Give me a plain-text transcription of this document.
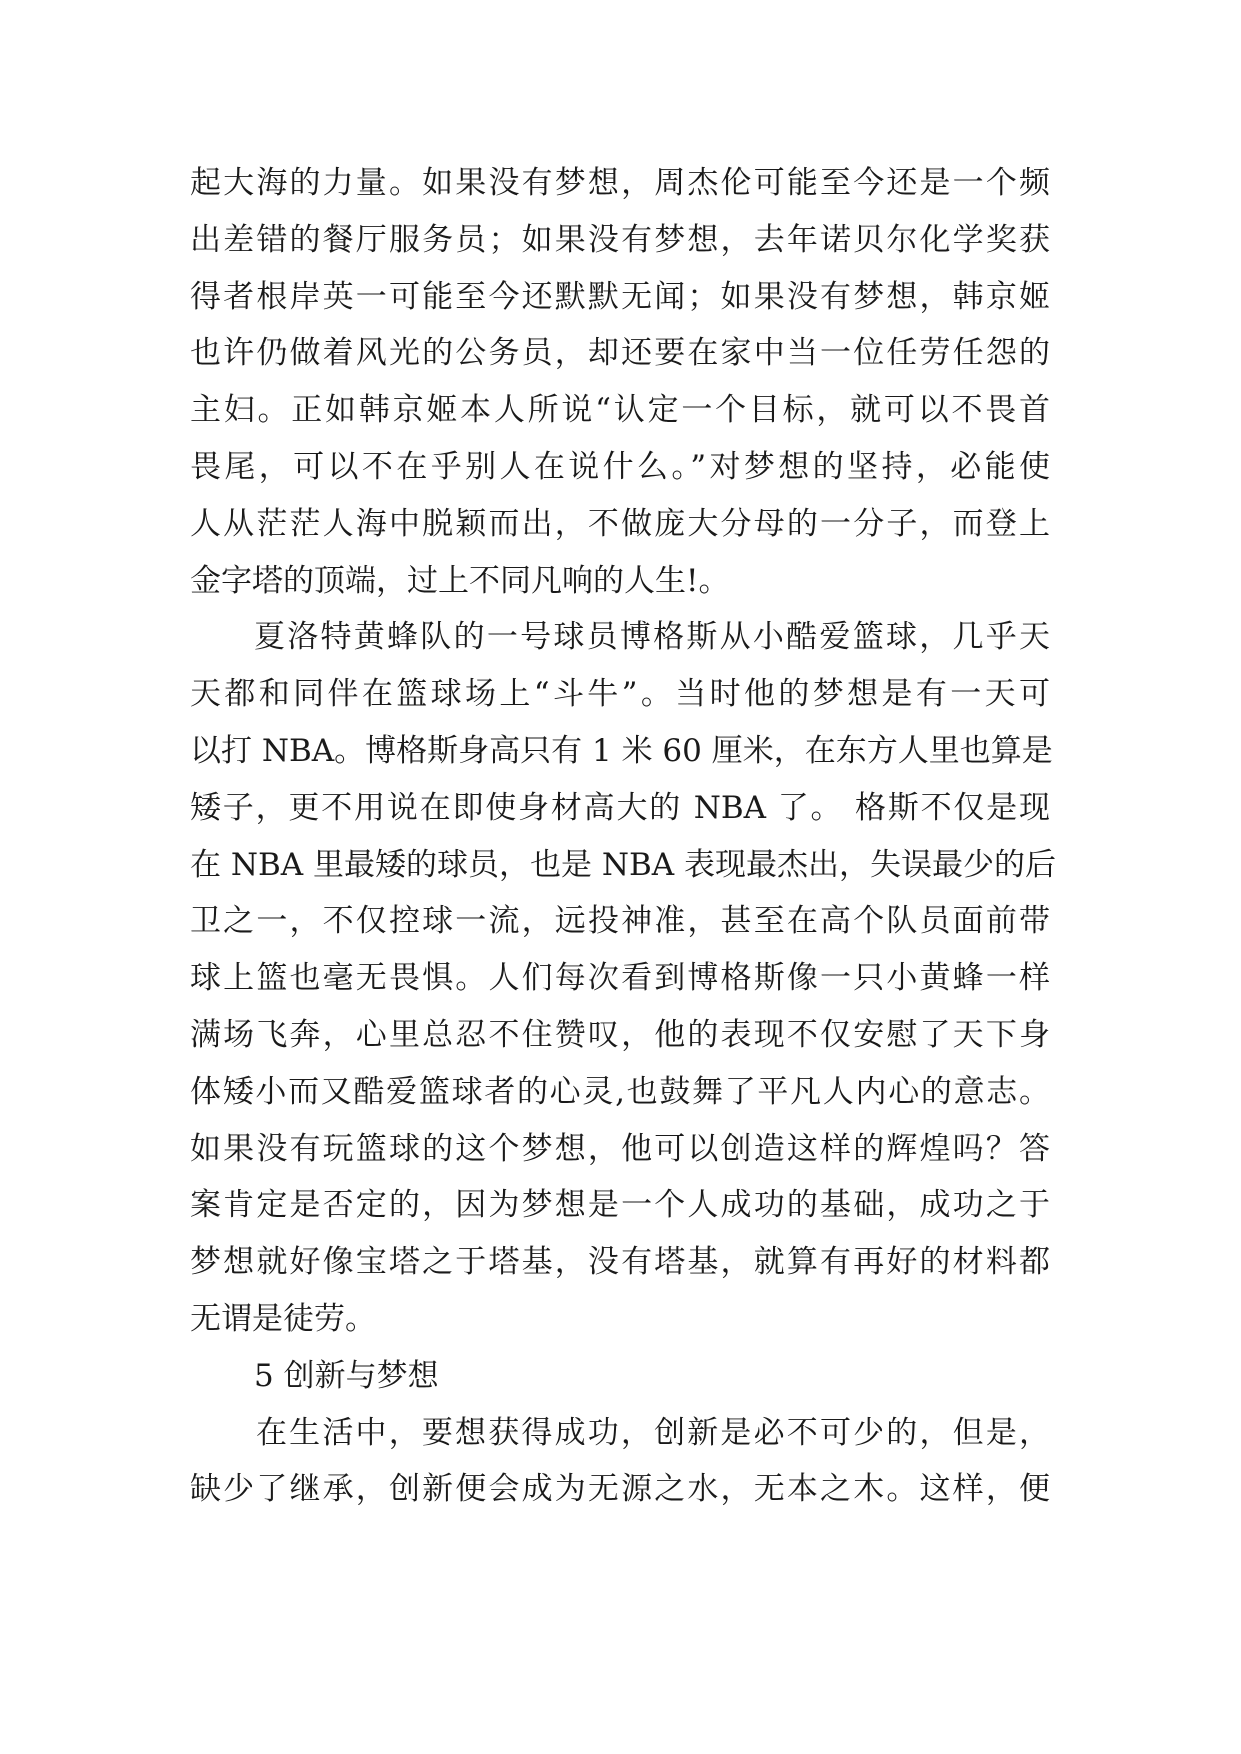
起大海的力量。如果没有梦想，周杰伦可能至今还是一个频
出差错的餐厅服务员；如果没有梦想，去年诺贝尔化学奖获
得者根岸英一可能至今还默默无闻；如果没有梦想，韩京姬
也许仍做着风光的公务员，却还要在家中当一位任劳任怨的
主妇。正如韩京姬本人所说“认定一个目标，就可以不畏首
畏尾，可以不在乎别人在说什么。”对梦想的坚持，必能使
人从茫茫人海中脱颖而出，不做庞大分母的一分子，而登上
金字塔的顶端，过上不同凡响的人生!。
夏洛特黄蜂队的一号球员博格斯从小酷爱篮球，几乎天
天都和同伴在篮球场上“斗牛”。当时他的梦想是有一天可
以打 NBA。博格斯身高只有 1 米 60 厘米，在东方人里也算是
矮子，更不用说在即使身材高大的 NBA 了。 格斯不仅是现
在 NBA 里最矮的球员，也是 NBA 表现最杰出，失误最少的后
卫之一，不仅控球一流，远投神准，甚至在高个队员面前带
球上篮也毫无畏惧。人们每次看到博格斯像一只小黄蜂一样
满场飞奔，心里总忍不住赞叹，他的表现不仅安慰了天下身
体矮小而又酷爱篮球者的心灵,也鼓舞了平凡人内心的意志。
如果没有玩篮球的这个梦想，他可以创造这样的辉煌吗？答
案肯定是否定的，因为梦想是一个人成功的基础，成功之于
梦想就好像宝塔之于塔基，没有塔基，就算有再好的材料都
无谓是徒劳。
5 创新与梦想
在生活中，要想获得成功，创新是必不可少的，但是，
缺少了继承，创新便会成为无源之水，无本之木。这样，便
